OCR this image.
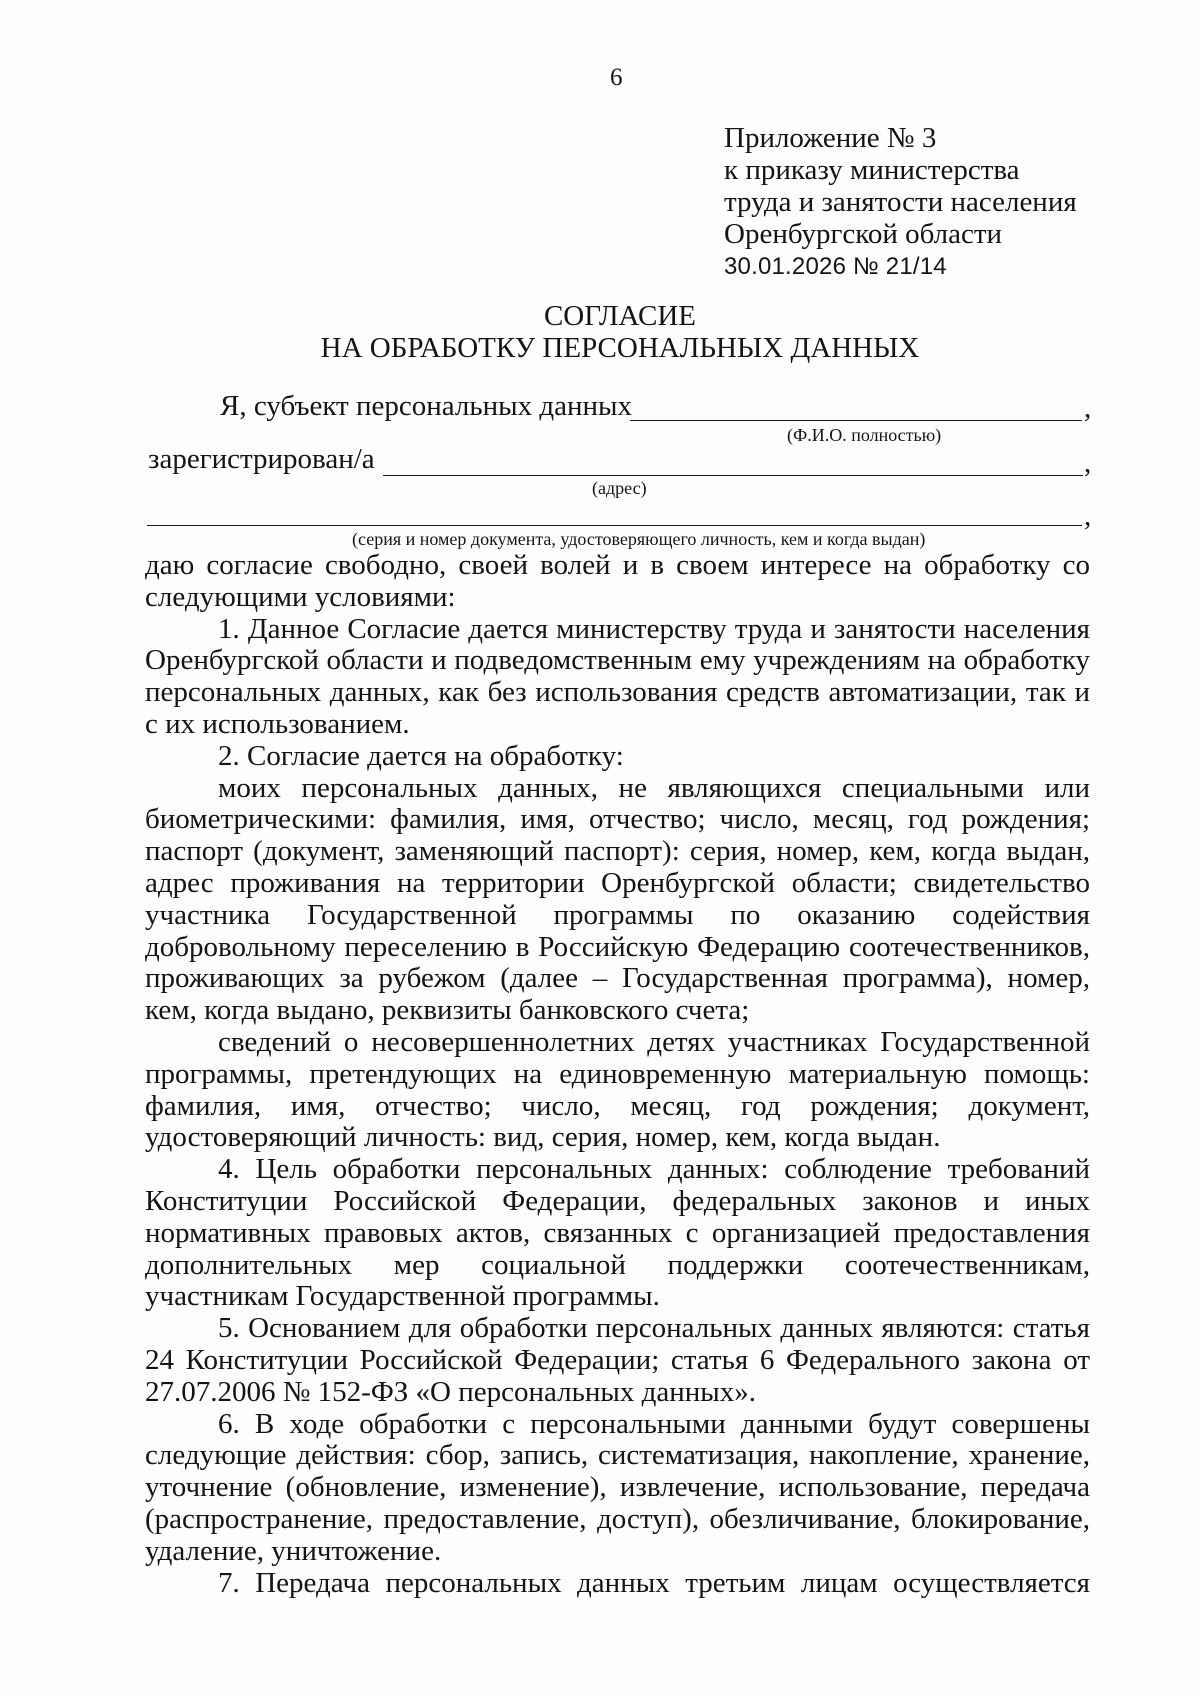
6
Приложение № 3
к приказу министерства
труда и занятости населения
Оренбургской области
30.01.2026 № 21/14
СОГЛАСИЕ
НА ОБРАБОТКУ ПЕРСОНАЛЬНЫХ ДАННЫХ
Я, субъект персональных данных	,
(Ф.И.О. полностью)
зарегистрирован/а	,
(адрес)
,
(серия и номер документа, удостоверяющего личность, кем и когда выдан)

даю согласие свободно, своей волей и в своем интересе на обработку со следующими условиями:

1. Данное Согласие дается министерству труда и занятости населения Оренбургской области и подведомственным ему учреждениям на обработку персональных данных, как без использования средств автоматизации, так и с их использованием.

2. Согласие дается на обработку:

моих персональных данных, не являющихся специальными или биометрическими: фамилия, имя, отчество; число, месяц, год рождения; паспорт (документ, заменяющий паспорт): серия, номер, кем, когда выдан, адрес проживания на территории Оренбургской области; свидетельство участника Государственной программы по оказанию содействия добровольному переселению в Российскую Федерацию соотечественников, проживающих за рубежом (далее – Государственная программа), номер, кем, когда выдано, реквизиты банковского счета;

сведений о несовершеннолетних детях участниках Государственной программы, претендующих на единовременную материальную помощь: фамилия, имя, отчество; число, месяц, год рождения; документ, удостоверяющий личность: вид, серия, номер, кем, когда выдан.

4. Цель обработки персональных данных: соблюдение требований Конституции Российской Федерации, федеральных законов и иных нормативных правовых актов, связанных с организацией предоставления дополнительных мер социальной поддержки соотечественникам, участникам Государственной программы.

5. Основанием для обработки персональных данных являются: статья 24 Конституции Российской Федерации; статья 6 Федерального закона от 27.07.2006 № 152-ФЗ «О персональных данных».

6. В ходе обработки с персональными данными будут совершены следующие действия: сбор, запись, систематизация, накопление, хранение, уточнение (обновление, изменение), извлечение, использование, передача (распространение, предоставление, доступ), обезличивание, блокирование, удаление, уничтожение.

7. Передача персональных данных третьим лицам осуществляется
